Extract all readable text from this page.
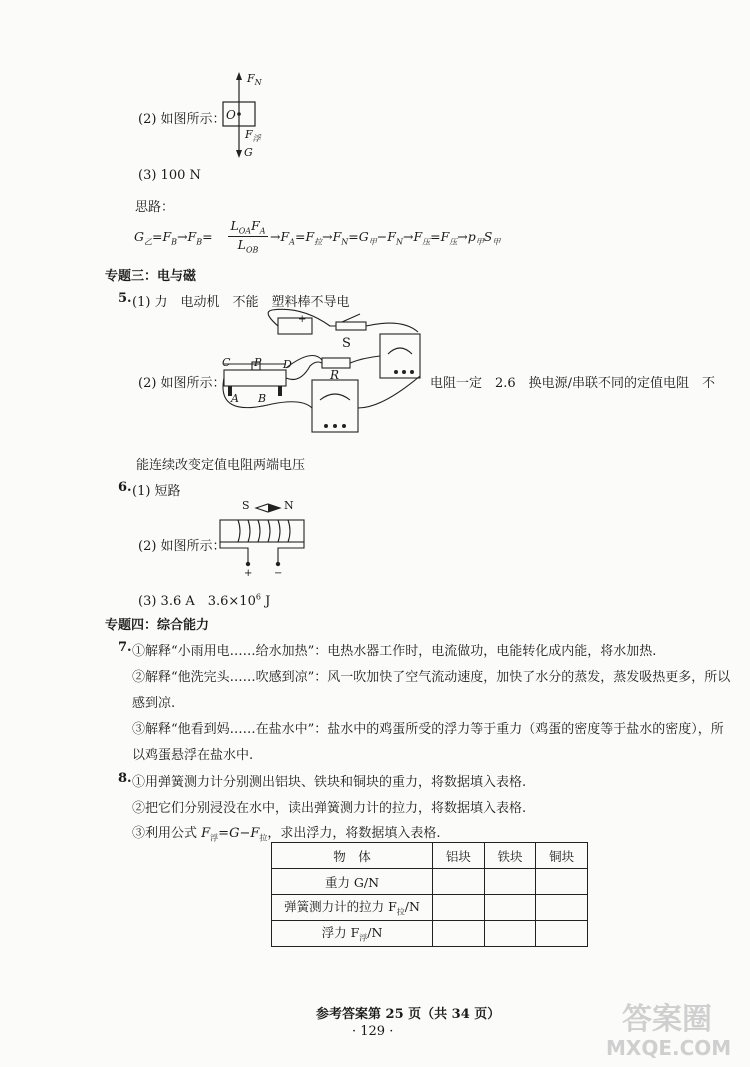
(2) 如图所示：
$F_N$
O
$F_浮$
G
(3) 100 N
思路：
$G_乙=F_B\to F_B=$
$L_{OA}F_A$
$L_{OB}$
$\to F_A=F_拉\to F_N=G_甲-F_N\to F_压=F_压\to p_甲S_甲$
专题三：电与磁
5. (1) 力　电动机　不能　塑料棒不导电
(2) 如图所示：
C P D
A B
S
R
+
电阻一定　2.6　换电源/串联不同的定值电阻　不
能连续改变定值电阻两端电压
6. (1) 短路
(2) 如图所示：
S	N
+ −
(3) 3.6 A　$3.6\times 10^6$ J
专题四：综合能力
7. ①解释“小雨用电……给水加热”：电热水器工作时，电流做功，电能转化成内能，将水加热.
②解释“他洗完头……吹感到凉”：风一吹加快了空气流动速度，加快了水分的蒸发，蒸发吸热更多，所以
感到凉.
③解释“他看到妈……在盐水中”：盐水中的鸡蛋所受的浮力等于重力（鸡蛋的密度等于盐水的密度），所
以鸡蛋悬浮在盐水中.
8. ①用弹簧测力计分别测出铝块、铁块和铜块的重力，将数据填入表格.
②把它们分别浸没在水中，读出弹簧测力计的拉力，将数据填入表格.
③利用公式 $F_浮=G-F_拉$，求出浮力，将数据填入表格.
物　体	铝块	铁块	铜块
重力 G/N			
弹簧测力计的拉力 $F_拉/N$			
浮力 $F_浮/N$			
参考答案第 25 页（共 34 页）
· 129 ·	答案圈
MXQE.COM
